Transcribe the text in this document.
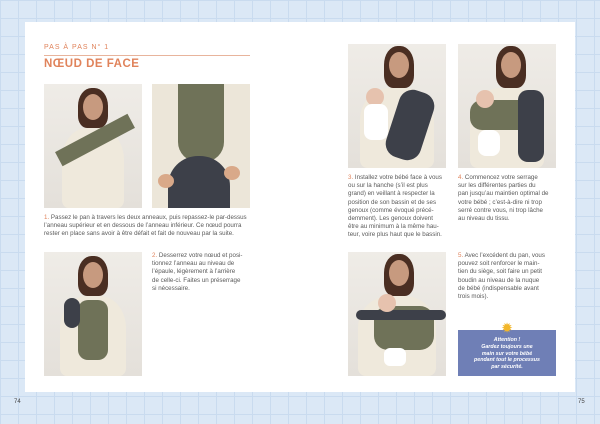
PAS À PAS N° 1
NŒUD DE FACE
1. Passez le pan à travers les deux anneaux, puis repassez-le par-dessus
l’anneau supérieur et en dessous de l’anneau inférieur. Ce nœud pourra
rester en place sans avoir à être défait et fait de nouveau par la suite.
2. Desserrez votre nœud et posi-
tionnez l’anneau au niveau de
l’épaule, légèrement à l’arrière
de celle-ci. Faites un préserrage
si nécessaire.
74
3. Installez votre bébé face à vous
ou sur la hanche (s’il est plus
grand) en veillant à respecter la
position de son bassin et de ses
genoux (comme évoqué précé-
demment). Les genoux doivent
être au minimum à la même hau-
teur, voire plus haut que le bassin.
4. Commencez votre serrage
sur les différentes parties du
pan jusqu’au maintien optimal de
votre bébé ; c’est-à-dire ni trop
serré contre vous, ni trop lâche
au niveau du tissu.
5. Avec l’excédent du pan, vous
pouvez soit renforcer le main-
tien du siège, soit faire un petit
boudin au niveau de la nuque
de bébé (indispensable avant
trois mois).
✹
Attention !
Gardez toujours une
main sur votre bébé
pendant tout le processus
par sécurité.
75
